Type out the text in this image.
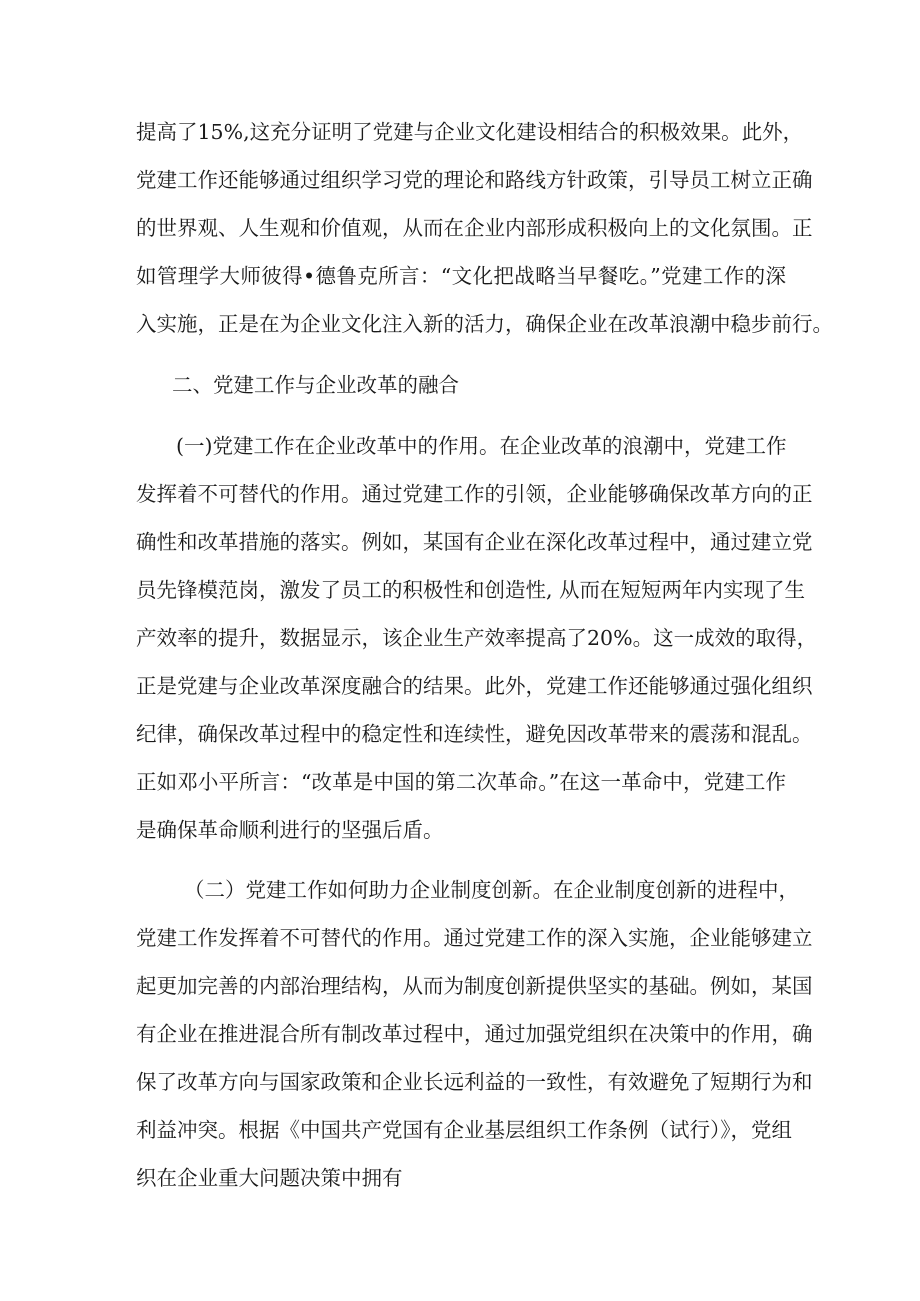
提高了15%,这充分证明了党建与企业文化建设相结合的积极效果。此外，
党建工作还能够通过组织学习党的理论和路线方针政策，引导员工树立正确
的世界观、人生观和价值观，从而在企业内部形成积极向上的文化氛围。正
如管理学大师彼得•德鲁克所言：“文化把战略当早餐吃。”党建工作的深
入实施，正是在为企业文化注入新的活力，确保企业在改革浪潮中稳步前行。
二、党建工作与企业改革的融合
(一)党建工作在企业改革中的作用。在企业改革的浪潮中，党建工作
发挥着不可替代的作用。通过党建工作的引领，企业能够确保改革方向的正
确性和改革措施的落实。例如，某国有企业在深化改革过程中，通过建立党
员先锋模范岗，激发了员工的积极性和创造性, 从而在短短两年内实现了生
产效率的提升，数据显示，该企业生产效率提高了20%。这一成效的取得，
正是党建与企业改革深度融合的结果。此外，党建工作还能够通过强化组织
纪律，确保改革过程中的稳定性和连续性，避免因改革带来的震荡和混乱。
正如邓小平所言：“改革是中国的第二次革命。”在这一革命中，党建工作
是确保革命顺利进行的坚强后盾。
（二）党建工作如何助力企业制度创新。在企业制度创新的进程中，
党建工作发挥着不可替代的作用。通过党建工作的深入实施，企业能够建立
起更加完善的内部治理结构，从而为制度创新提供坚实的基础。例如，某国
有企业在推进混合所有制改革过程中，通过加强党组织在决策中的作用，确
保了改革方向与国家政策和企业长远利益的一致性，有效避免了短期行为和
利益冲突。根据《中国共产党国有企业基层组织工作条例（试行）》，党组
织在企业重大问题决策中拥有
